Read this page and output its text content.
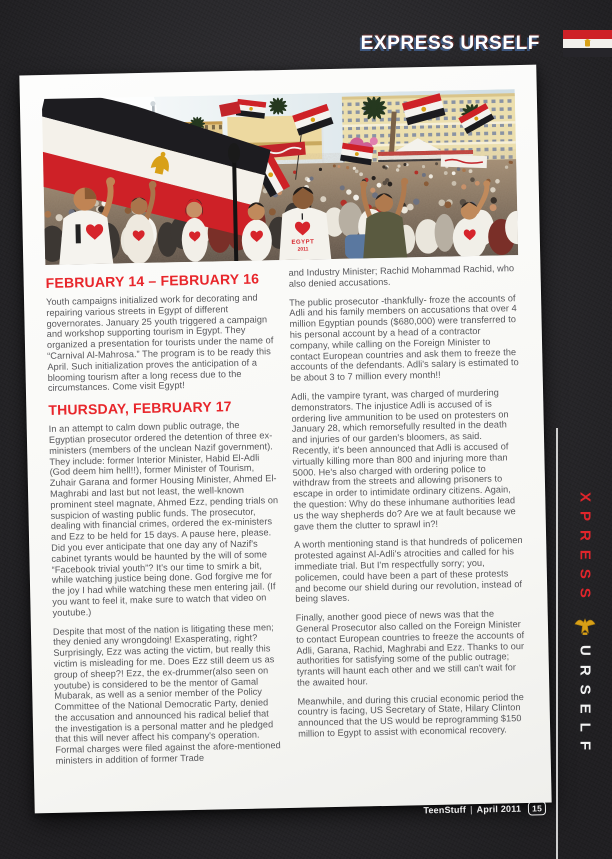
EXPRESS URSELF
I
EGYPT
2011
FEBRUARY 14 – FEBRUARY 16

Youth campaigns initialized work for decorating and repairing various streets in Egypt of different governorates. January 25 youth triggered a campaign and workshop supporting tourism in Egypt. They organized a presentation for tourists under the name of “Carnival Al-Mahrosa.” The program is to be ready this April. Such initialization proves the anticipation of a blooming tourism after a long recess due to the circumstances. Come visit Egypt!

THURSDAY, FEBRUARY 17

In an attempt to calm down public outrage, the Egyptian prosecutor ordered the detention of three ex-ministers (members of the unclean Nazif government). They include: former Interior Minister, Habid El-Adli (God deem him hell!!), former Minister of Tourism, Zuhair Garana and former Housing Minister, Ahmed El-Maghrabi and last but not least, the well-known prominent steel magnate, Ahmed Ezz, pending trials on suspicion of wasting public funds. The prosecutor, dealing with financial crimes, ordered the ex-ministers and Ezz to be held for 15 days. A pause here, please. Did you ever anticipate that one day any of Nazif's cabinet tyrants would be haunted by the will of some “Facebook trivial youth”? It's our time to smirk a bit, while watching justice being done. God forgive me for the joy I had while watching these men entering jail. (If you want to feel it, make sure to watch that video on youtube.)

Despite that most of the nation is litigating these men; they denied any wrongdoing! Exasperating, right? Surprisingly, Ezz was acting the victim, but really this victim is misleading for me. Does Ezz still deem us as group of sheep?! Ezz, the ex-drummer(also seen on youtube) is considered to be the mentor of Gamal Mubarak, as well as a senior member of the Policy Committee of the National Democratic Party, denied the accusation and announced his radical belief that the investigation is a personal matter and he pledged that this will never affect his company's operation. Formal charges were filed against the afore-mentioned ministers in addition of former Trade

and Industry Minister; Rachid Mohammad Rachid, who also denied accusations.

The public prosecutor -thankfully- froze the accounts of Adli and his family members on accusations that over 4 million Egyptian pounds ($680,000) were transferred to his personal account by a head of a contractor company, while calling on the Foreign Minister to contact European countries and ask them to freeze the accounts of the defendants. Adli's salary is estimated to be about 3 to 7 million every month!!

Adli, the vampire tyrant, was charged of murdering demonstrators. The injustice Adli is accused of is ordering live ammunition to be used on protesters on January 28, which remorsefully resulted in the death and injuries of our garden's bloomers, as said. Recently, it's been announced that Adli is accused of virtually killing more than 800 and injuring more than 5000. He's also charged with ordering police to withdraw from the streets and allowing prisoners to escape in order to intimidate ordinary citizens. Again, the question: Why do these inhumane authorities lead us the way shepherds do? Are we at fault because we gave them the clutter to sprawl in?!

A worth mentioning stand is that hundreds of policemen protested against Al-Adli's atrocities and called for his immediate trial. But I'm respectfully sorry; you, policemen, could have been a part of these protests and become our shield during our revolution, instead of being slaves.

Finally, another good piece of news was that the General Prosecutor also called on the Foreign Minister to contact European countries to freeze the accounts of Adli, Garana, Rachid, Maghrabi and Ezz. Thanks to our authorities for satisfying some of the public outrage; tyrants will haunt each other and we still can't wait for the awaited hour.

Meanwhile, and during this crucial economic period the country is facing, US Secretary of State, Hilary Clinton announced that the US would be reprogramming $150 million to Egypt to assist with economical recovery.

XPRESS
URSELF
TeenStuff | April 2011	15
